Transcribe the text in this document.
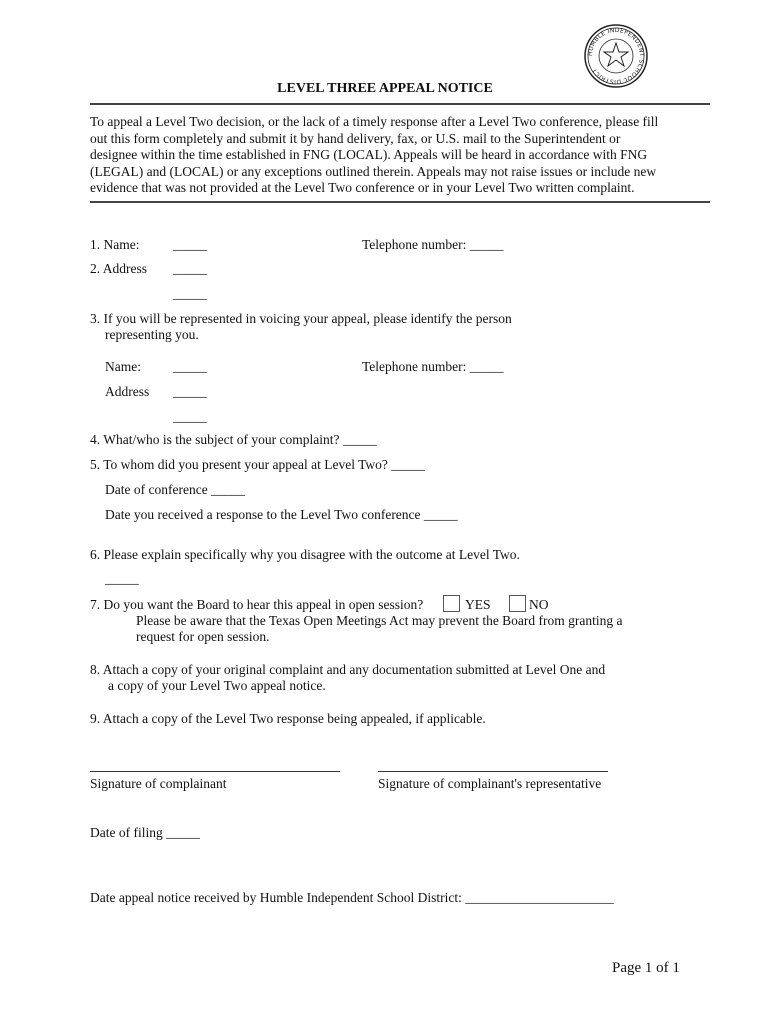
HUMBLE INDEPENDENT SCHOOL DISTRICT
LEVEL THREE APPEAL NOTICE
To appeal a Level Two decision, or the lack of a timely response after a Level Two conference, please fill
out this form completely and submit it by hand delivery, fax, or U.S. mail to the Superintendent or
designee within the time established in FNG (LOCAL). Appeals will be heard in accordance with FNG
(LEGAL) and (LOCAL) or any exceptions outlined therein. Appeals may not raise issues or include new
evidence that was not provided at the Level Two conference or in your Level Two written complaint.
1. Name: _____	Telephone number: _____
2. Address _____
_____
3. If you will be represented in voicing your appeal, please identify the person
representing you.
Name: _____	Telephone number: _____
Address _____
_____
4. What/who is the subject of your complaint? _____
5. To whom did you present your appeal at Level Two? _____
Date of conference _____
Date you received a response to the Level Two conference _____
6. Please explain specifically why you disagree with the outcome at Level Two.
_____
7. Do you want the Board to hear this appeal in open session?	YES	NO
Please be aware that the Texas Open Meetings Act may prevent the Board from granting a
request for open session.
8. Attach a copy of your original complaint and any documentation submitted at Level One and
a copy of your Level Two appeal notice.
9. Attach a copy of the Level Two response being appealed, if applicable.
Signature of complainant	Signature of complainant's representative
Date of filing _____
Date appeal notice received by Humble Independent School District: ______________________
Page 1 of 1
